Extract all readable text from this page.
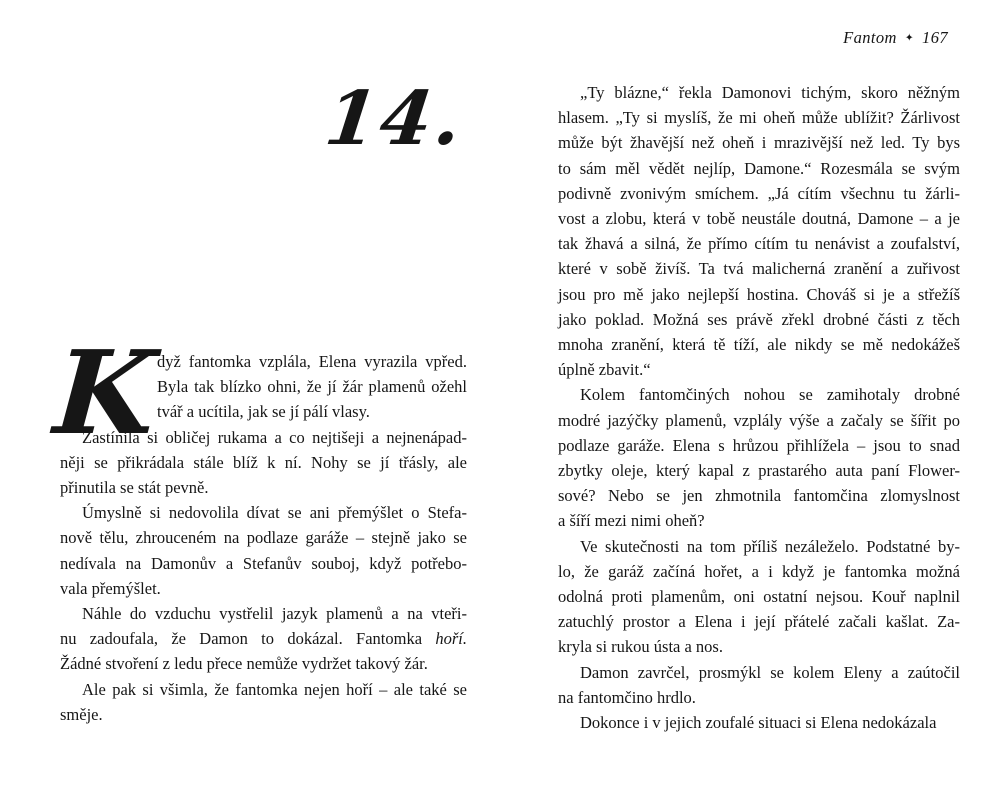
Fantom ✦ 167
14.
K
dyž fantomka vzplála, Elena vyrazila vpřed.
Byla tak blízko ohni, že jí žár plamenů ožehl
tvář a ucítila, jak se jí pálí vlasy.
Zastínila si obličej rukama a co nejtišeji a nejnenápad-
něji se přikrádala stále blíž k ní. Nohy se jí třásly, ale
přinutila se stát pevně.
Úmyslně si nedovolila dívat se ani přemýšlet o Stefa-
nově tělu, zhrouceném na podlaze garáže – stejně jako se
nedívala na Damonův a Stefanův souboj, když potřebo-
vala přemýšlet.
Náhle do vzduchu vystřelil jazyk plamenů a na vteři-
nu zadoufala, že Damon to dokázal. Fantomka hoří.
Žádné stvoření z ledu přece nemůže vydržet takový žár.
Ale pak si všimla, že fantomka nejen hoří – ale také se
směje.
„Ty blázne,“ řekla Damonovi tichým, skoro něžným
hlasem. „Ty si myslíš, že mi oheň může ublížit? Žárlivost
může být žhavější než oheň i mrazivější než led. Ty bys
to sám měl vědět nejlíp, Damone.“ Rozesmála se svým
podivně zvonivým smíchem. „Já cítím všechnu tu žárli-
vost a zlobu, která v tobě neustále doutná, Damone – a je
tak žhavá a silná, že přímo cítím tu nenávist a zoufalství,
které v sobě živíš. Ta tvá malicherná zranění a zuřivost
jsou pro mě jako nejlepší hostina. Chováš si je a střežíš
jako poklad. Možná ses právě zřekl drobné části z těch
mnoha zranění, která tě tíží, ale nikdy se mě nedokážeš
úplně zbavit.“
Kolem fantomčiných nohou se zamihotaly drobné
modré jazýčky plamenů, vzplály výše a začaly se šířit po
podlaze garáže. Elena s hrůzou přihlížela – jsou to snad
zbytky oleje, který kapal z prastarého auta paní Flower-
sové? Nebo se jen zhmotnila fantomčina zlomyslnost
a šíří mezi nimi oheň?
Ve skutečnosti na tom příliš nezáleželo. Podstatné by-
lo, že garáž začíná hořet, a i když je fantomka možná
odolná proti plamenům, oni ostatní nejsou. Kouř naplnil
zatuchlý prostor a Elena i její přátelé začali kašlat. Za-
kryla si rukou ústa a nos.
Damon zavrčel, prosmýkl se kolem Eleny a zaútočil
na fantomčino hrdlo.
Dokonce i v jejich zoufalé situaci si Elena nedokázala
